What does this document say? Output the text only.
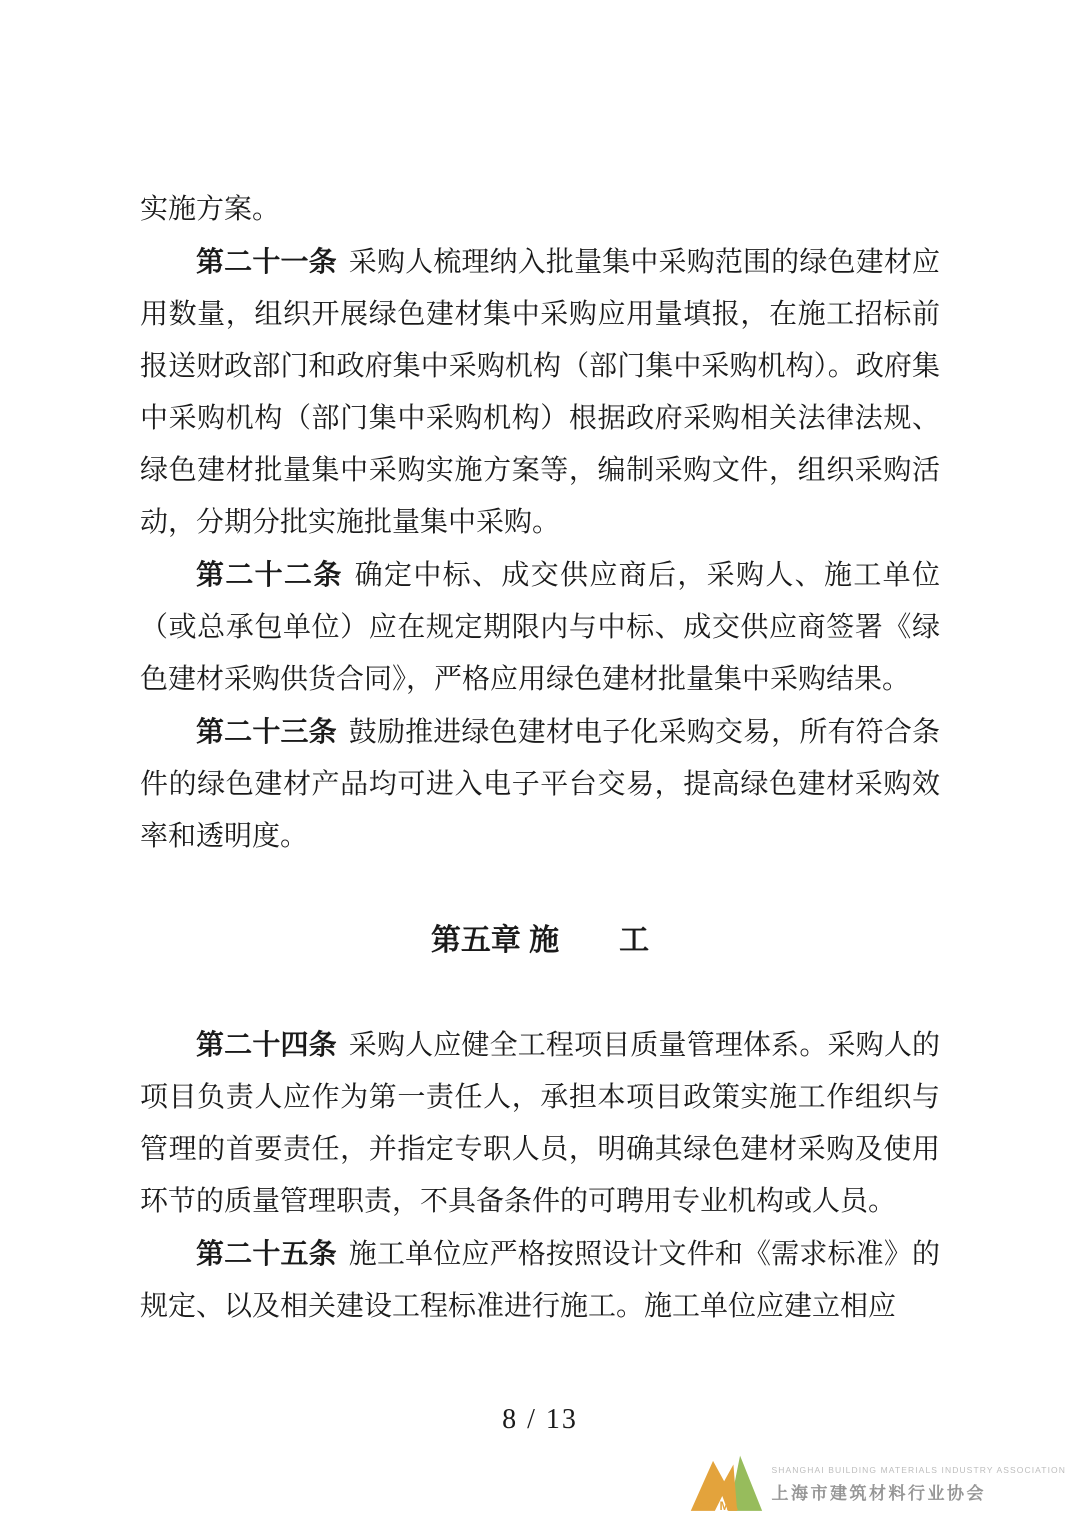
实施方案。

第二十一条 采购人梳理纳入批量集中采购范围的绿色建材应用数量，组织开展绿色建材集中采购应用量填报，在施工招标前报送财政部门和政府集中采购机构（部门集中采购机构）。政府集中采购机构（部门集中采购机构）根据政府采购相关法律法规、绿色建材批量集中采购实施方案等，编制采购文件，组织采购活动，分期分批实施批量集中采购。

第二十二条 确定中标、成交供应商后，采购人、施工单位（或总承包单位）应在规定期限内与中标、成交供应商签署《绿色建材采购供货合同》，严格应用绿色建材批量集中采购结果。

第二十三条 鼓励推进绿色建材电子化采购交易，所有符合条件的绿色建材产品均可进入电子平台交易，提高绿色建材采购效率和透明度。

第五章 施　　工

第二十四条 采购人应健全工程项目质量管理体系。采购人的项目负责人应作为第一责任人，承担本项目政策实施工作组织与管理的首要责任，并指定专职人员，明确其绿色建材采购及使用环节的质量管理职责，不具备条件的可聘用专业机构或人员。

第二十五条 施工单位应严格按照设计文件和《需求标准》的规定、以及相关建设工程标准进行施工。施工单位应建立相应

8 / 13
SB MA
SHANGHAI BUILDING MATERIALS INDUSTRY ASSOCIATION
上海市建筑材料行业协会
